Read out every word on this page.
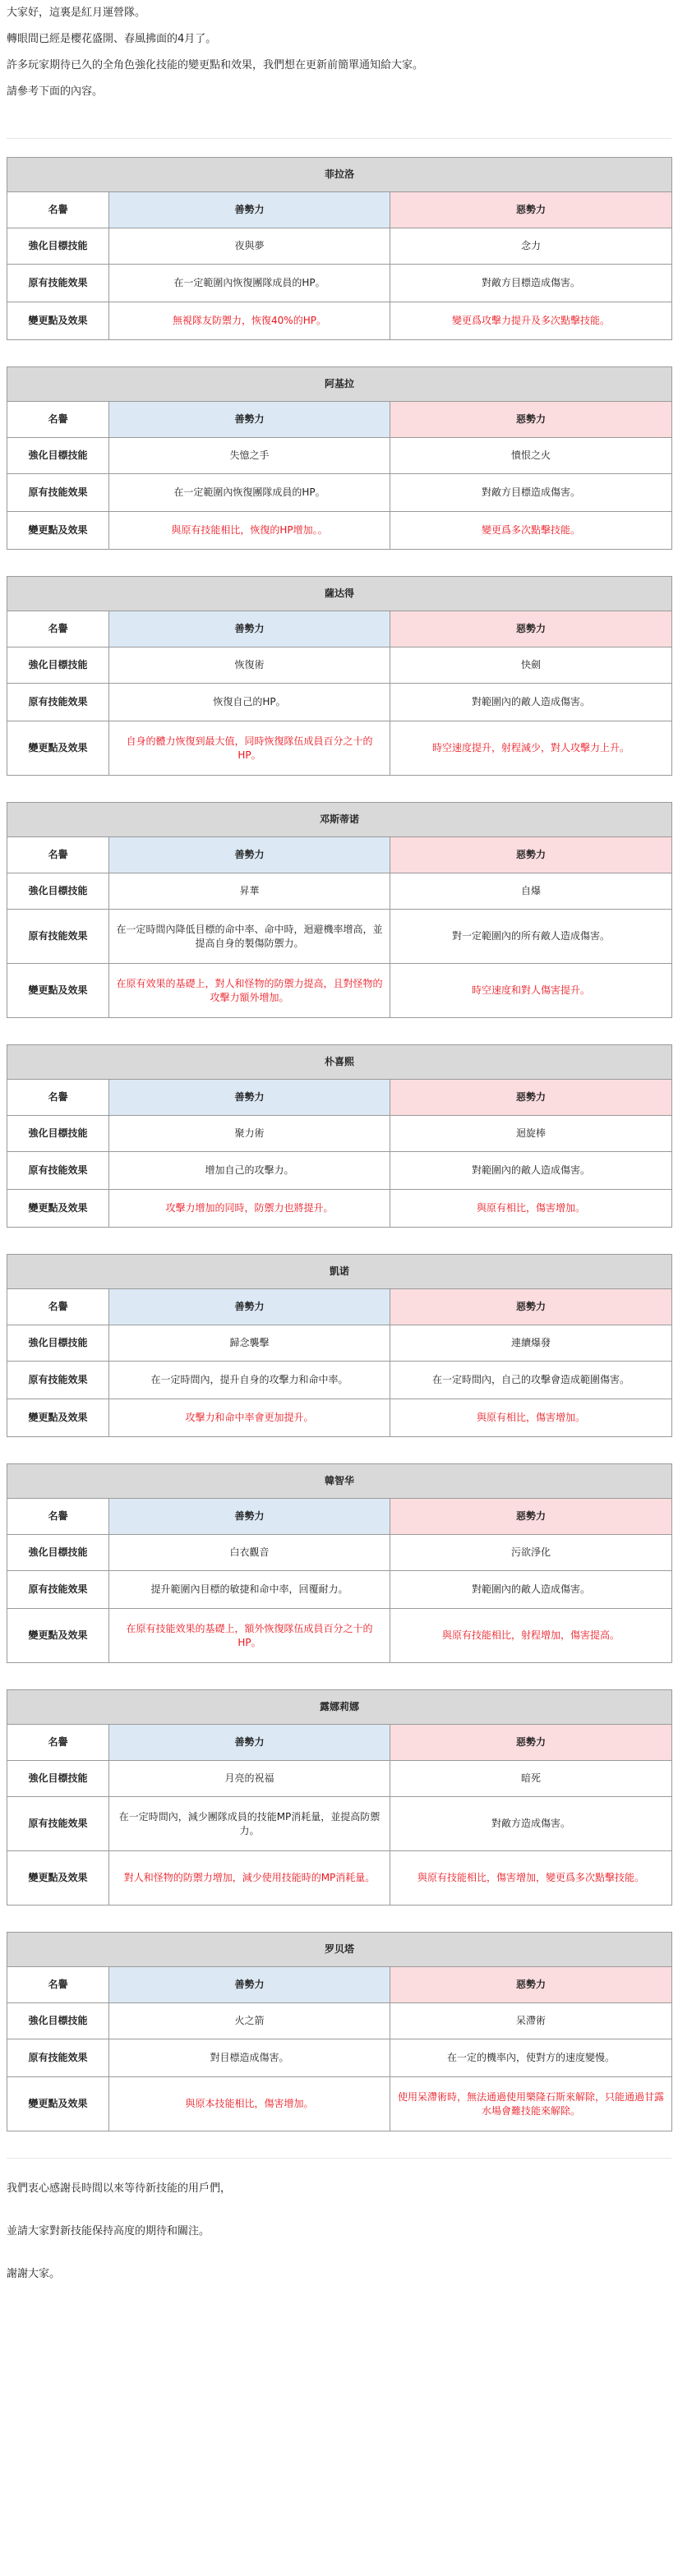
大家好，這裏是紅月運營隊。

轉眼間已經是櫻花盛開、春風拂面的4月了。

許多玩家期待已久的全角色強化技能的變更點和效果，我們想在更新前簡單通知給大家。

請參考下面的內容。

菲拉洛		
名譽	善勢力	惡勢力
強化目標技能	夜與夢	念力
原有技能效果	在一定範圍內恢復團隊成員的HP。	對敵方目標造成傷害。
變更點及效果	無視隊友防禦力，恢復40%的HP。	變更爲攻擊力提升及多次點擊技能。
阿基拉		
名譽	善勢力	惡勢力
強化目標技能	失憶之手	憤恨之火
原有技能效果	在一定範圍內恢復團隊成員的HP。	對敵方目標造成傷害。
變更點及效果	與原有技能相比，恢復的HP增加。。	變更爲多次點擊技能。
薩达得		
名譽	善勢力	惡勢力
強化目標技能	恢復術	快劍
原有技能效果	恢復自己的HP。	對範圍內的敵人造成傷害。
變更點及效果	自身的體力恢復到最大值，同時恢復隊伍成員百分之十的HP。	時空速度提升，射程減少，對人攻擊力上升。
邓斯蒂诺		
名譽	善勢力	惡勢力
強化目標技能	昇華	自爆
原有技能效果	在一定時間內降低目標的命中率、命中時，迴避機率增高，並提高自身的製傷防禦力。	對一定範圍內的所有敵人造成傷害。
變更點及效果	在原有效果的基礎上，對人和怪物的防禦力提高，且對怪物的攻擊力額外增加。	時空速度和對人傷害提升。
朴喜熙		
名譽	善勢力	惡勢力
強化目標技能	聚力術	迴旋棒
原有技能效果	增加自己的攻擊力。	對範圍內的敵人造成傷害。
變更點及效果	攻擊力增加的同時，防禦力也將提升。	與原有相比，傷害增加。
凱诺		
名譽	善勢力	惡勢力
強化目標技能	歸念襲擊	連續爆發
原有技能效果	在一定時間內，提升自身的攻擊力和命中率。	在一定時間內，自己的攻擊會造成範圍傷害。
變更點及效果	攻擊力和命中率會更加提升。	與原有相比，傷害增加。
韓智华		
名譽	善勢力	惡勢力
強化目標技能	白衣觀音	污欲淨化
原有技能效果	提升範圍內目標的敏捷和命中率，回覆耐力。	對範圍內的敵人造成傷害。
變更點及效果	在原有技能效果的基礎上，額外恢復隊伍成員百分之十的HP。	與原有技能相比，射程增加，傷害提高。
露娜莉娜		
名譽	善勢力	惡勢力
強化目標技能	月亮的祝福	暗死
原有技能效果	在一定時間內，減少團隊成員的技能MP消耗量，並提高防禦力。	對敵方造成傷害。
變更點及效果	對人和怪物的防禦力增加，減少使用技能時的MP消耗量。	與原有技能相比，傷害增加，變更爲多次點擊技能。
罗贝塔		
名譽	善勢力	惡勢力
強化目標技能	火之箭	呆滯術
原有技能效果	對目標造成傷害。	在一定的機率內，使對方的速度變慢。
變更點及效果	與原本技能相比，傷害增加。	使用呆滯術時，無法通過使用樂隆石斯來解除，只能通過甘露水場會難技能來解除。

我們衷心感謝長時間以來等待新技能的用戶們，

並請大家對新技能保持高度的期待和關注。

謝謝大家。
